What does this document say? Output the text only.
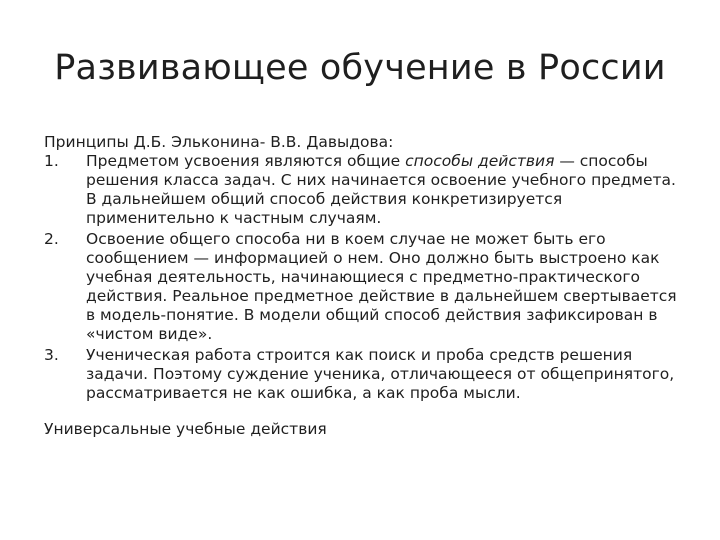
Развивающее обучение в России

Принципы Д.Б. Эльконина- В.В. Давыдова:

1.	Предметом усвоения являются общие способы действия — способы решения класса задач. С них начинается освоение учебного предмета. В дальнейшем общий способ действия конкретизируется применительно к частным случаям.
2.	Освоение общего способа ни в коем случае не может быть его сообщением — информацией о нем. Оно должно быть выстроено как учебная деятельность, начинающиеся с предметно-практического действия. Реальное предметное действие в дальнейшем свертывается в модель-понятие. В модели общий способ действия зафиксирован в «чистом виде».
3.	Ученическая работа строится как поиск и проба средств решения задачи. Поэтому суждение ученика, отличающееся от общепринятого, рассматривается не как ошибка, а как проба мысли.
Универсальные учебные действия
